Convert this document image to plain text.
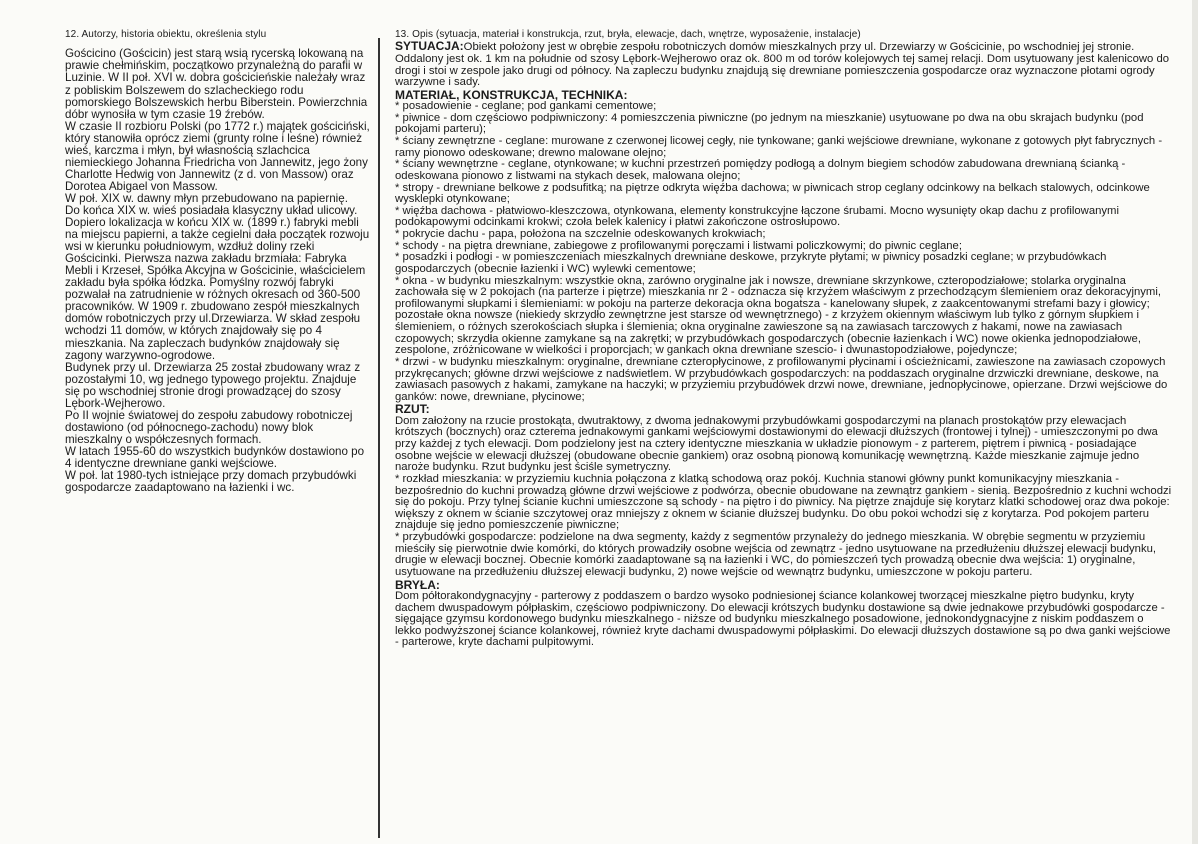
12. Autorzy, historia obiektu, określenia stylu

Gościcino (Gościcin) jest starą wsią rycerską lokowaną na prawie chełmińskim, początkowo przynależną do parafii w Luzinie. W II poł. XVI w. dobra gościcieńskie należały wraz z pobliskim Bolszewem do szlacheckiego rodu pomorskiego Bolszewskich herbu Biberstein. Powierzchnia dóbr wynosiła w tym czasie 19 źrebów.

W czasie II rozbioru Polski (po 1772 r.) majątek gościciński, który stanowiła oprócz ziemi (grunty rolne i leśne) również wieś, karczma i młyn, był własnością szlachcica niemieckiego Johanna Friedricha von Jannewitz, jego żony Charlotte Hedwig von Jannewitz (z d. von Massow) oraz Dorotea Abigael von Massow.

W poł. XIX w. dawny młyn przebudowano na papiernię.

Do końca XIX w. wieś posiadała klasyczny układ ulicowy. Dopiero lokalizacja w końcu XIX w. (1899 r.) fabryki mebli na miejscu papierni, a także cegielni dała początek rozwoju wsi w kierunku południowym, wzdłuż doliny rzeki Gościcinki. Pierwsza nazwa zakładu brzmiała: Fabryka Mebli i Krzeseł, Spółka Akcyjna w Gościcinie, właścicielem zakładu była spółka łódzka. Pomyślny rozwój fabryki pozwalał na zatrudnienie w różnych okresach od 360-500 pracowników. W 1909 r. zbudowano zespół mieszkalnych domów robotniczych przy ul.Drzewiarza. W skład zespołu wchodzi 11 domów, w których znajdowały się po 4 mieszkania. Na zapleczach budynków znajdowały się zagony warzywno-ogrodowe.

Budynek przy ul. Drzewiarza 25 został zbudowany wraz z pozostałymi 10, wg jednego typowego projektu. Znajduje się po wschodniej stronie drogi prowadzącej do szosy Lębork-Wejherowo.

Po II wojnie światowej do zespołu zabudowy robotniczej dostawiono (od północnego-zachodu) nowy blok mieszkalny o współczesnych formach.

W latach 1955-60 do wszystkich budynków dostawiono po 4 identyczne drewniane ganki wejściowe.

W poł. lat 1980-tych istniejące przy domach przybudówki gospodarcze zaadaptowano na łazienki i wc.

13. Opis (sytuacja, materiał i konstrukcja, rzut, bryła, elewacje, dach, wnętrze, wyposażenie, instalacje)

SYTUACJA:Obiekt położony jest w obrębie zespołu robotniczych domów mieszkalnych przy ul. Drzewiarzy w Gościcinie, po wschodniej jej stronie. Oddalony jest ok. 1 km na południe od szosy Lębork-Wejherowo oraz ok. 800 m od torów kolejowych tej samej relacji. Dom usytuowany jest kalenicowo do drogi i stoi w zespole jako drugi od północy. Na zapleczu budynku znajdują się drewniane pomieszczenia gospodarcze oraz wyznaczone płotami ogrody warzywne i sady.

MATERIAŁ, KONSTRUKCJA, TECHNIKA:

* posadowienie - ceglane; pod gankami cementowe;

* piwnice - dom częściowo podpiwniczony: 4 pomieszczenia piwniczne (po jednym na mieszkanie) usytuowane po dwa na obu skrajach budynku (pod pokojami parteru);

* ściany zewnętrzne - ceglane: murowane z czerwonej licowej cegły, nie tynkowane; ganki wejściowe drewniane, wykonane z gotowych płyt fabrycznych - ramy pionowo odeskowane; drewno malowane olejno;

* ściany wewnętrzne - ceglane, otynkowane; w kuchni przestrzeń pomiędzy podłogą a dolnym biegiem schodów zabudowana drewnianą ścianką - odeskowana pionowo z listwami na stykach desek, malowana olejno;

* stropy - drewniane belkowe z podsufitką; na piętrze odkryta więźba dachowa; w piwnicach strop ceglany odcinkowy na belkach stalowych, odcinkowe wysklepki otynkowane;

* więźba dachowa - płatwiowo-kleszczowa, otynkowana, elementy konstrukcyjne łączone śrubami. Mocno wysunięty okap dachu z profilowanymi podokapowymi odcinkami krokwi; czoła belek kalenicy i płatwi zakończone ostrosłupowo.

* pokrycie dachu - papa, położona na szczelnie odeskowanych krokwiach;

* schody - na piętra drewniane, zabiegowe z profilowanymi poręczami i listwami policzkowymi; do piwnic ceglane;

* posadzki i podłogi - w pomieszczeniach mieszkalnych drewniane deskowe, przykryte płytami; w piwnicy posadzki ceglane; w przybudówkach gospodarczych (obecnie łazienki i WC) wylewki cementowe;

* okna - w budynku mieszkalnym: wszystkie okna, zarówno oryginalne jak i nowsze, drewniane skrzynkowe, czteropodziałowe; stolarka oryginalna zachowała się w 2 pokojach (na parterze i piętrze) mieszkania nr 2 - odznacza się krzyżem właściwym z przechodzącym ślemieniem oraz dekoracyjnymi, profilowanymi słupkami i ślemieniami: w pokoju na parterze dekoracja okna bogatsza - kanelowany słupek, z zaakcentowanymi strefami bazy i głowicy; pozostałe okna nowsze (niekiedy skrzydło zewnętrzne jest starsze od wewnętrznego) - z krzyżem okiennym właściwym lub tylko z górnym słupkiem i ślemieniem, o różnych szerokościach słupka i ślemienia; okna oryginalne zawieszone są na zawiasach tarczowych z hakami, nowe na zawiasach czopowych; skrzydła okienne zamykane są na zakrętki; w przybudówkach gospodarczych (obecnie łazienkach i WC) nowe okienka jednopodziałowe, zespolone, zróżnicowane w wielkości i proporcjach; w gankach okna drewniane szescio- i dwunastopodziałowe, pojedyncze;

* drzwi - w budynku mieszkalnym: oryginalne, drewniane czteropłycinowe, z profilowanymi płycinami i ościeżnicami, zawieszone na zawiasach czopowych przykręcanych; główne drzwi wejściowe z nadświetlem. W przybudówkach gospodarczych: na poddaszach oryginalne drzwiczki drewniane, deskowe, na zawiasach pasowych z hakami, zamykane na haczyki; w przyziemiu przybudówek drzwi nowe, drewniane, jednopłycinowe, opierzane. Drzwi wejściowe do ganków: nowe, drewniane, płycinowe;

RZUT:

Dom założony na rzucie prostokąta, dwutraktowy, z dwoma jednakowymi przybudówkami gospodarczymi na planach prostokątów przy elewacjach krótszych (bocznych) oraz czterema jednakowymi gankami wejściowymi dostawionymi do elewacji dłuższych (frontowej i tylnej) - umieszczonymi po dwa przy każdej z tych elewacji. Dom podzielony jest na cztery identyczne mieszkania w układzie pionowym - z parterem, piętrem i piwnicą - posiadające osobne wejście w elewacji dłuższej (obudowane obecnie gankiem) oraz osobną pionową komunikację wewnętrzną. Każde mieszkanie zajmuje jedno naroże budynku. Rzut budynku jest ściśle symetryczny.

* rozkład mieszkania: w przyziemiu kuchnia połączona z klatką schodową oraz pokój. Kuchnia stanowi główny punkt komunikacyjny mieszkania - bezpośrednio do kuchni prowadzą główne drzwi wejściowe z podwórza, obecnie obudowane na zewnątrz gankiem - sienią. Bezpośrednio z kuchni wchodzi się do pokoju. Przy tylnej ścianie kuchni umieszczone są schody - na piętro i do piwnicy. Na piętrze znajduje się korytarz klatki schodowej oraz dwa pokoje: większy z oknem w ścianie szczytowej oraz mniejszy z oknem w ścianie dłuższej budynku. Do obu pokoi wchodzi się z korytarza. Pod pokojem parteru znajduje się jedno pomieszczenie piwniczne;

* przybudówki gospodarcze: podzielone na dwa segmenty, każdy z segmentów przynależy do jednego mieszkania. W obrębie segmentu w przyziemiu mieściły się pierwotnie dwie komórki, do których prowadziły osobne wejścia od zewnątrz - jedno usytuowane na przedłużeniu dłuższej elewacji budynku, drugie w elewacji bocznej. Obecnie komórki zaadaptowane są na łazienki i WC, do pomieszczeń tych prowadzą obecnie dwa wejścia: 1) oryginalne, usytuowane na przedłużeniu dłuższej elewacji budynku, 2) nowe wejście od wewnątrz budynku, umieszczone w pokoju parteru.

BRYŁA:

Dom półtorakondygnacyjny - parterowy z poddaszem o bardzo wysoko podniesionej ściance kolankowej tworzącej mieszkalne piętro budynku, kryty dachem dwuspadowym półpłaskim, częściowo podpiwniczony. Do elewacji krótszych budynku dostawione są dwie jednakowe przybudówki gospodarcze - sięgające gzymsu kordonowego budynku mieszkalnego - niższe od budynku mieszkalnego posadowione, jednokondygnacyjne z niskim poddaszem o lekko podwyższonej ściance kolankowej, również kryte dachami dwuspadowymi półpłaskimi. Do elewacji dłuższych dostawione są po dwa ganki wejściowe - parterowe, kryte dachami pulpitowymi.
